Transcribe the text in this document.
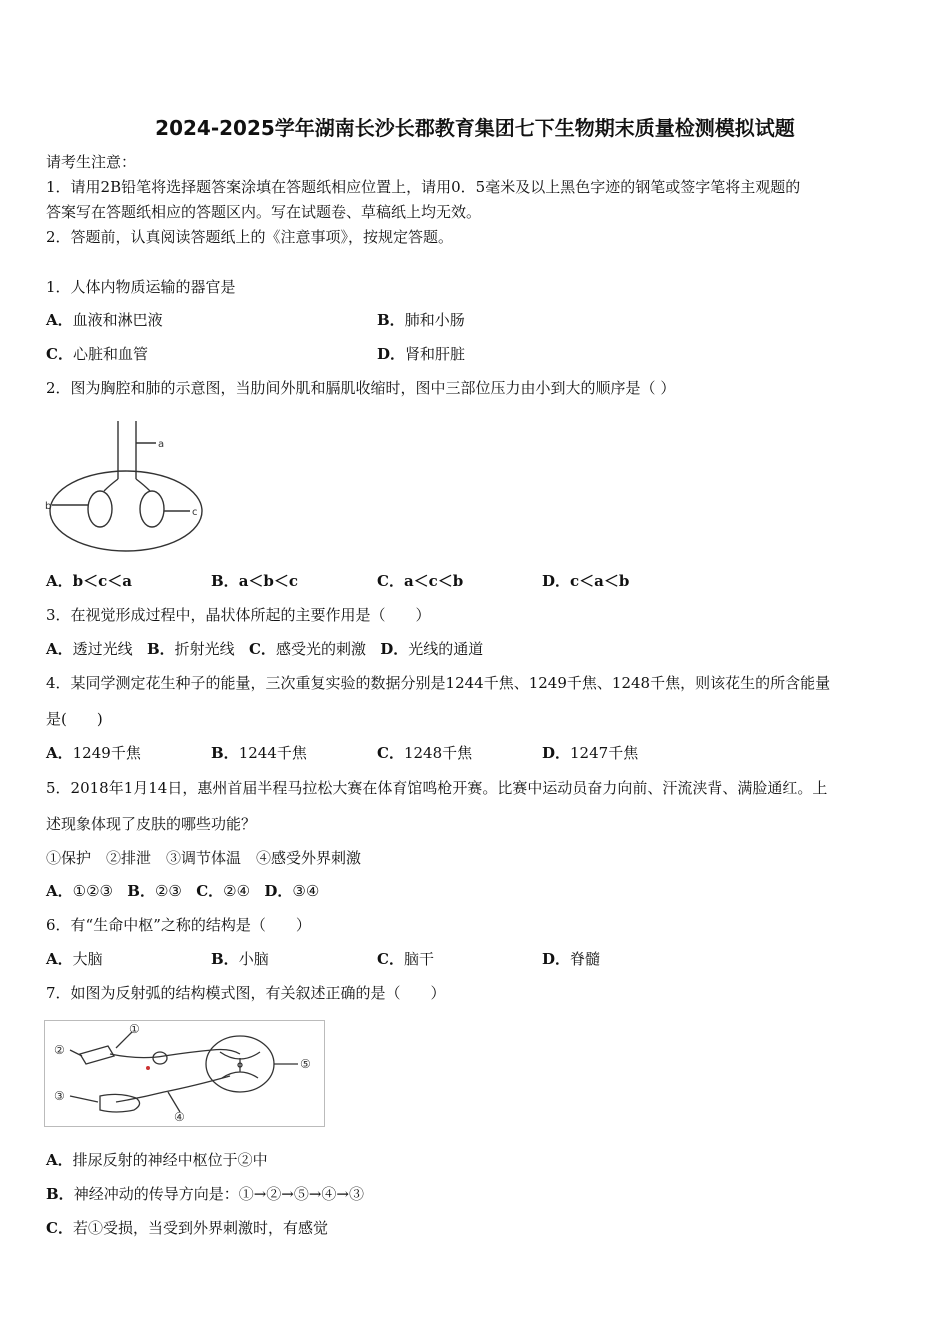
2024-2025学年湖南长沙长郡教育集团七下生物期末质量检测模拟试题
请考生注意：
1．请用2B铅笔将选择题答案涂填在答题纸相应位置上，请用0．5毫米及以上黑色字迹的钢笔或签字笔将主观题的
答案写在答题纸相应的答题区内。写在试题卷、草稿纸上均无效。
2．答题前，认真阅读答题纸上的《注意事项》，按规定答题。
1．人体内物质运输的器官是
A．血液和淋巴液	B．肺和小肠
C．心脏和血管	D．肾和肝脏
2．图为胸腔和肺的示意图，当肋间外肌和膈肌收缩时，图中三部位压力由小到大的顺序是（ ）
a
b
c
A．b＜c＜a	B．a＜b＜c	C．a＜c＜b	D．c＜a＜b
3．在视觉形成过程中，晶状体所起的主要作用是（　　）
A．透过光线 B．折射光线 C．感受光的刺激 D．光线的通道
4．某同学测定花生种子的能量，三次重复实验的数据分别是1244千焦、1249千焦、1248千焦，则该花生的所含能量
是(　　)
A．1249千焦	B．1244千焦	C．1248千焦	D．1247千焦
5．2018年1月14日，惠州首届半程马拉松大赛在体育馆鸣枪开赛。比赛中运动员奋力向前、汗流浃背、满脸通红。上
述现象体现了皮肤的哪些功能？
①保护　②排泄　③调节体温　④感受外界刺激
A．①②③ B．②③ C．②④ D．③④
6．有“生命中枢”之称的结构是（　　）
A．大脑	B．小脑	C．脑干	D．脊髓
7．如图为反射弧的结构模式图，有关叙述正确的是（　　）
①
②
③
④
⑤
A．排尿反射的神经中枢位于②中
B．神经冲动的传导方向是：①→②→⑤→④→③
C．若①受损，当受到外界刺激时，有感觉
